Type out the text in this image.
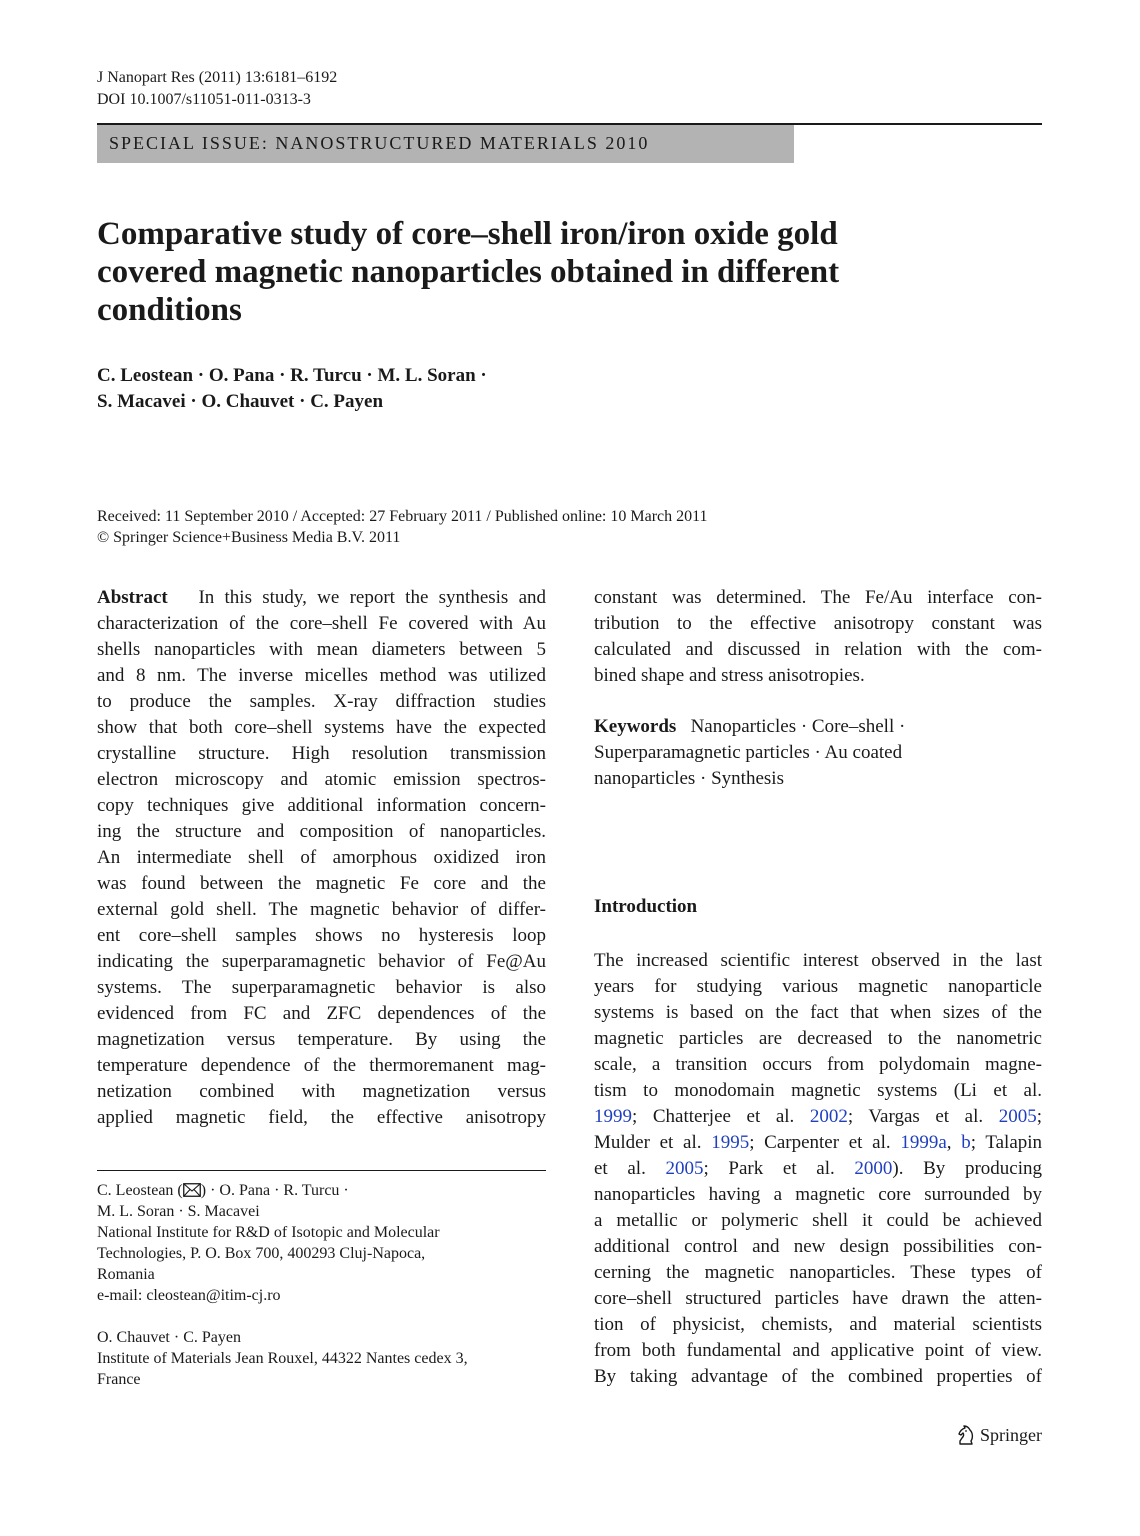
J Nanopart Res (2011) 13:6181–6192
DOI 10.1007/s11051-011-0313-3
SPECIAL ISSUE: NANOSTRUCTURED MATERIALS 2010
Comparative study of core–shell iron/iron oxide gold
covered magnetic nanoparticles obtained in different
conditions
C. Leostean · O. Pana · R. Turcu · M. L. Soran ·
S. Macavei · O. Chauvet · C. Payen
Received: 11 September 2010 / Accepted: 27 February 2011 / Published online: 10 March 2011
© Springer Science+Business Media B.V. 2011
Abstract In this study, we report the synthesis and
characterization of the core–shell Fe covered with Au
shells nanoparticles with mean diameters between 5
and 8 nm. The inverse micelles method was utilized
to produce the samples. X-ray diffraction studies
show that both core–shell systems have the expected
crystalline structure. High resolution transmission
electron microscopy and atomic emission spectros-
copy techniques give additional information concern-
ing the structure and composition of nanoparticles.
An intermediate shell of amorphous oxidized iron
was found between the magnetic Fe core and the
external gold shell. The magnetic behavior of differ-
ent core–shell samples shows no hysteresis loop
indicating the superparamagnetic behavior of Fe@Au
systems. The superparamagnetic behavior is also
evidenced from FC and ZFC dependences of the
magnetization versus temperature. By using the
temperature dependence of the thermoremanent mag-
netization combined with magnetization versus
applied magnetic field, the effective anisotropy
C. Leostean ( ) · O. Pana · R. Turcu ·
M. L. Soran · S. Macavei
National Institute for R&D of Isotopic and Molecular
Technologies, P. O. Box 700, 400293 Cluj-Napoca,
Romania
e-mail: cleostean@itim-cj.ro
O. Chauvet · C. Payen
Institute of Materials Jean Rouxel, 44322 Nantes cedex 3,
France
constant was determined. The Fe/Au interface con-
tribution to the effective anisotropy constant was
calculated and discussed in relation with the com-
bined shape and stress anisotropies.
Keywords Nanoparticles · Core–shell ·
Superparamagnetic particles · Au coated
nanoparticles · Synthesis
Introduction
The increased scientific interest observed in the last
years for studying various magnetic nanoparticle
systems is based on the fact that when sizes of the
magnetic particles are decreased to the nanometric
scale, a transition occurs from polydomain magne-
tism to monodomain magnetic systems (Li et al.
1999; Chatterjee et al. 2002; Vargas et al. 2005;
Mulder et al. 1995; Carpenter et al. 1999a, b; Talapin
et al. 2005; Park et al. 2000). By producing
nanoparticles having a magnetic core surrounded by
a metallic or polymeric shell it could be achieved
additional control and new design possibilities con-
cerning the magnetic nanoparticles. These types of
core–shell structured particles have drawn the atten-
tion of physicist, chemists, and material scientists
from both fundamental and applicative point of view.
By taking advantage of the combined properties of
Springer
